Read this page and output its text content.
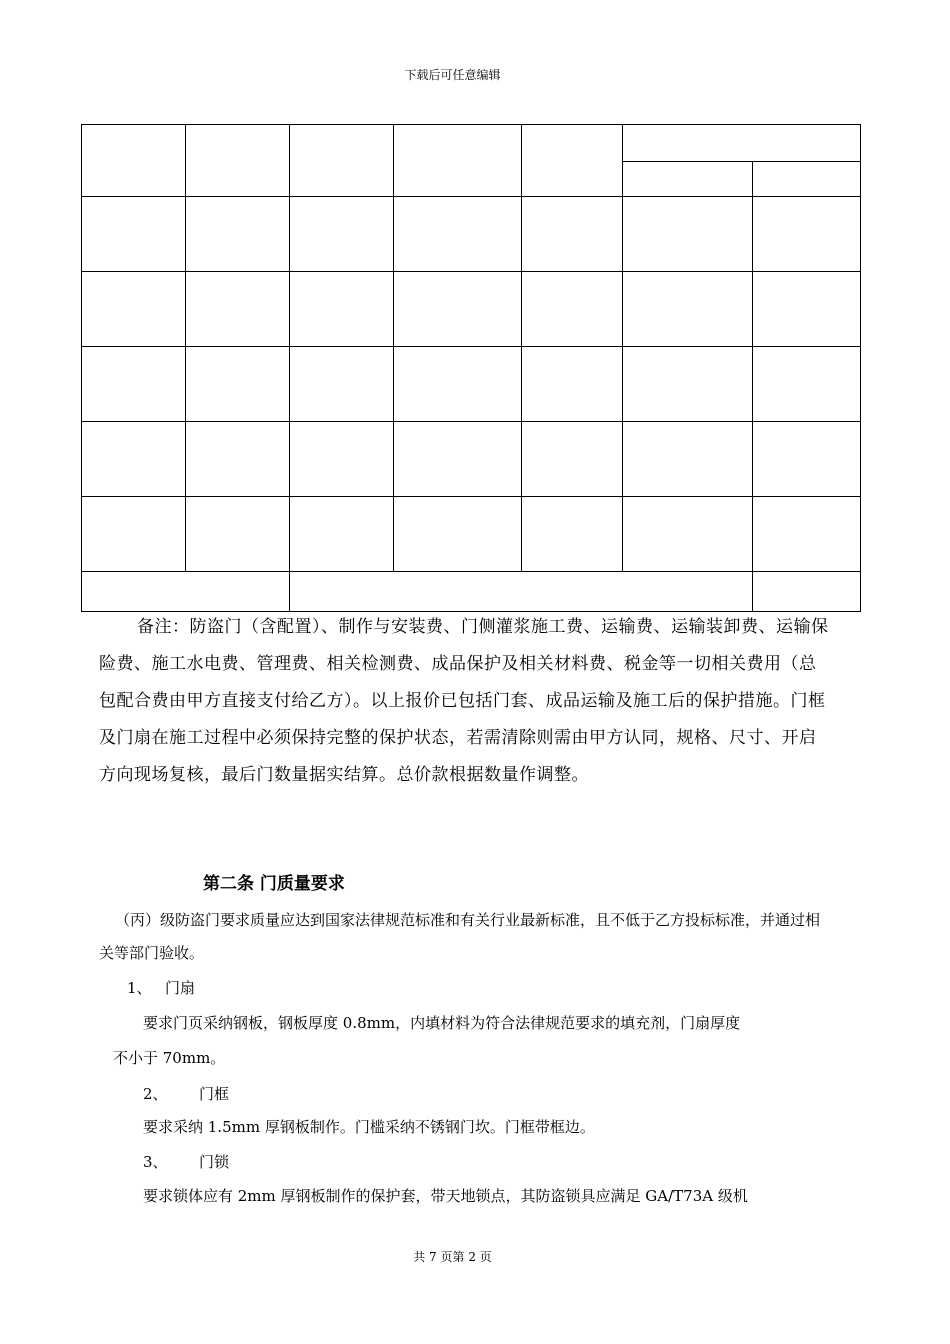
下载后可任意编辑

备注：防盗门（含配置）、制作与安装费、门侧灌浆施工费、运输费、运输装卸费、运输保险费、施工水电费、管理费、相关检测费、成品保护及相关材料费、税金等一切相关费用（总包配合费由甲方直接支付给乙方）。以上报价已包括门套、成品运输及施工后的保护措施。门框及门扇在施工过程中必须保持完整的保护状态，若需清除则需由甲方认同，规格、尺寸、开启方向现场复核，最后门数量据实结算。总价款根据数量作调整。
第二条 门质量要求
（丙）级防盗门要求质量应达到国家法律规范标准和有关行业最新标准，且不低于乙方投标标准，并通过相关等部门验收。
1、 门扇
要求门页采纳钢板，钢板厚度 0.8mm，内填材料为符合法律规范要求的填充剂，门扇厚度
不小于 70mm。
2、 门框
要求采纳 1.5mm 厚钢板制作。门槛采纳不锈钢门坎。门框带框边。
3、 门锁
要求锁体应有 2mm 厚钢板制作的保护套，带天地锁点，其防盗锁具应满足 GA/T73A 级机
共 7 页第 2 页
